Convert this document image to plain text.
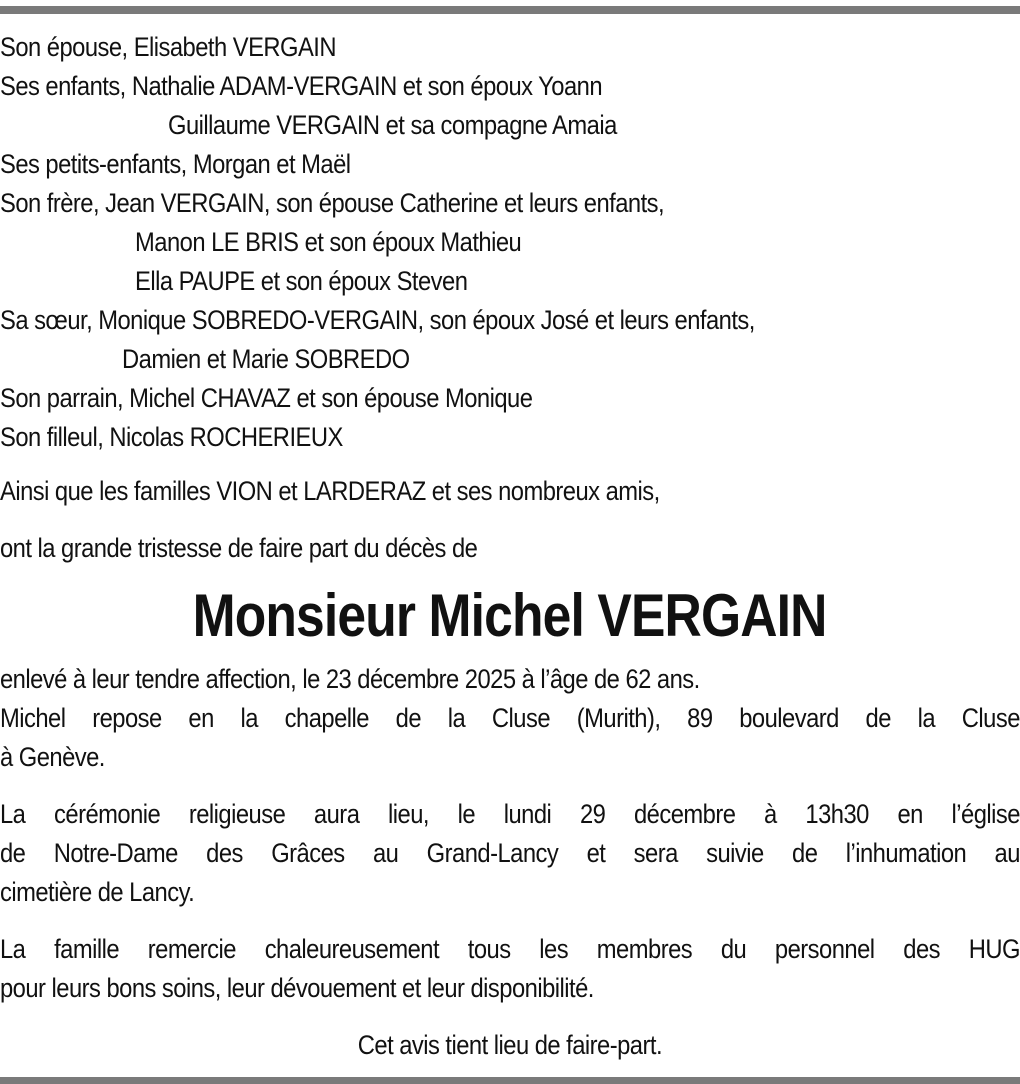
Son épouse, Elisabeth VERGAIN
Ses enfants, Nathalie ADAM-VERGAIN et son époux Yoann
Guillaume VERGAIN et sa compagne Amaia
Ses petits-enfants, Morgan et Maël
Son frère, Jean VERGAIN, son épouse Catherine et leurs enfants,
Manon LE BRIS et son époux Mathieu
Ella PAUPE et son époux Steven
Sa sœur, Monique SOBREDO-VERGAIN, son époux José et leurs enfants,
Damien et Marie SOBREDO
Son parrain, Michel CHAVAZ et son épouse Monique
Son filleul, Nicolas ROCHERIEUX
Ainsi que les familles VION et LARDERAZ et ses nombreux amis,
ont la grande tristesse de faire part du décès de
Monsieur Michel VERGAIN
enlevé à leur tendre affection, le 23 décembre 2025 à l’âge de 62 ans.
Michel repose en la chapelle de la Cluse (Murith), 89 boulevard de la Cluse
à Genève.
La cérémonie religieuse aura lieu, le lundi 29 décembre à 13h30 en l’église
de Notre-Dame des Grâces au Grand-Lancy et sera suivie de l’inhumation au
cimetière de Lancy.
La famille remercie chaleureusement tous les membres du personnel des HUG
pour leurs bons soins, leur dévouement et leur disponibilité.
Cet avis tient lieu de faire-part.
